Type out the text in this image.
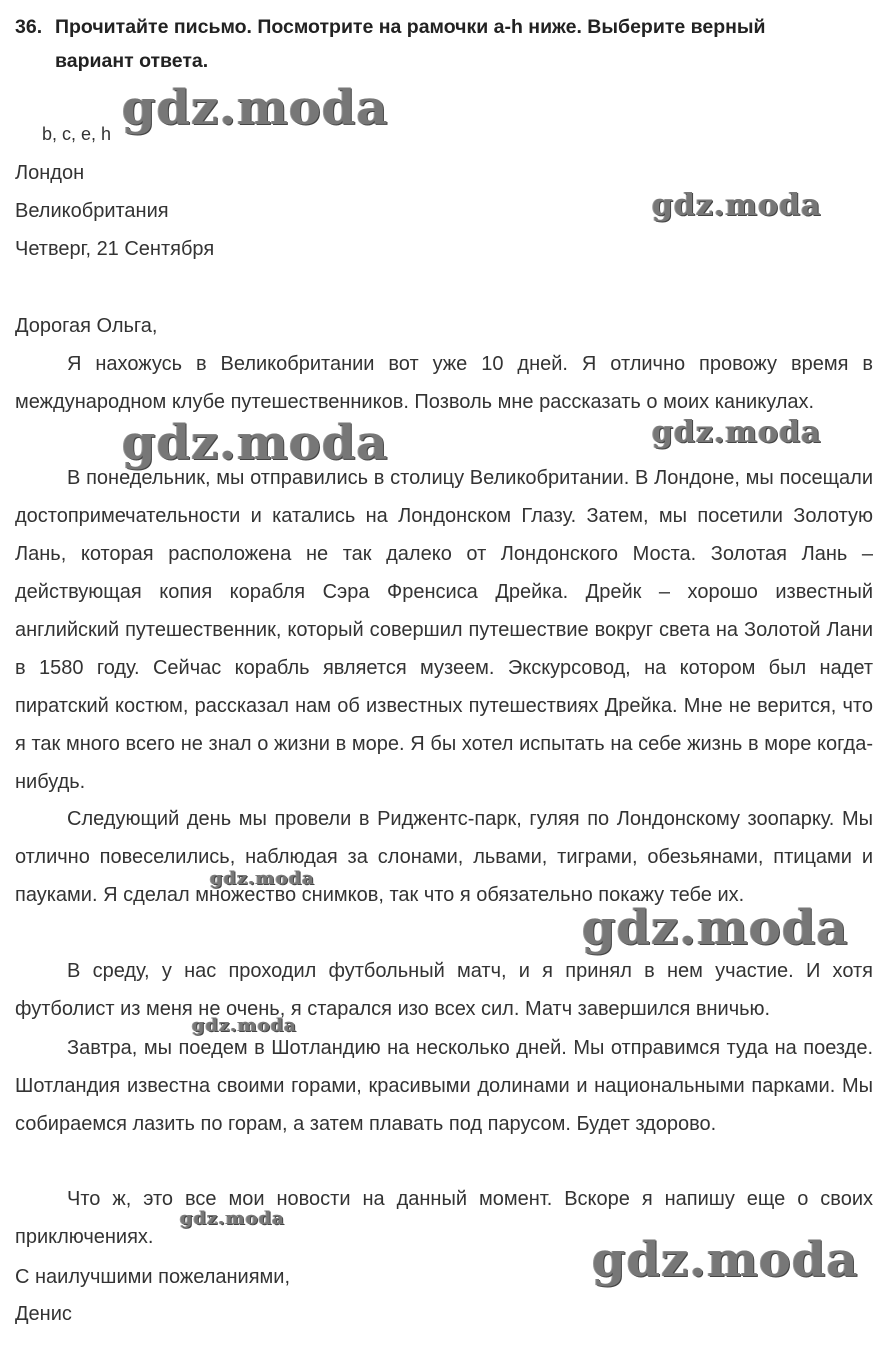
36. Прочитайте письмо. Посмотрите на рамочки a-h ниже. Выберите верный
вариант ответа.
b, c, e, h
Лондон
Великобритания
Четверг, 21 Сентября
Дорогая Ольга,
Я нахожусь в Великобритании вот уже 10 дней. Я отлично провожу время в международном клубе путешественников. Позволь мне рассказать о моих каникулах.
В понедельник, мы отправились в столицу Великобритании. В Лондоне, мы посещали достопримечательности и катались на Лондонском Глазу. Затем, мы посетили Золотую Лань, которая расположена не так далеко от Лондонского Моста. Золотая Лань – действующая копия корабля Сэра Френсиса Дрейка. Дрейк – хорошо известный английский путешественник, который совершил путешествие вокруг света на Золотой Лани в 1580 году. Сейчас корабль является музеем. Экскурсовод, на котором был надет пиратский костюм, рассказал нам об известных путешествиях Дрейка. Мне не верится, что я так много всего не знал о жизни в море. Я бы хотел испытать на себе жизнь в море когда-нибудь.
Следующий день мы провели в Риджентс-парк, гуляя по Лондонскому зоопарку. Мы отлично повеселились, наблюдая за слонами, львами, тиграми, обезьянами, птицами и пауками. Я сделал множество снимков, так что я обязательно покажу тебе их.
В среду, у нас проходил футбольный матч, и я принял в нем участие. И хотя футболист из меня не очень, я старался изо всех сил. Матч завершился вничью.
Завтра, мы поедем в Шотландию на несколько дней. Мы отправимся туда на поезде. Шотландия известна своими горами, красивыми долинами и национальными парками. Мы собираемся лазить по горам, а затем плавать под парусом. Будет здорово.
Что ж, это все мои новости на данный момент. Вскоре я напишу еще о своих приключениях.
С наилучшими пожеланиями,
Денис
gdz.moda
gdz.moda
gdz.moda	gdz.moda
gdz.moda
gdz.moda
gdz.moda
gdz.moda
gdz.moda
